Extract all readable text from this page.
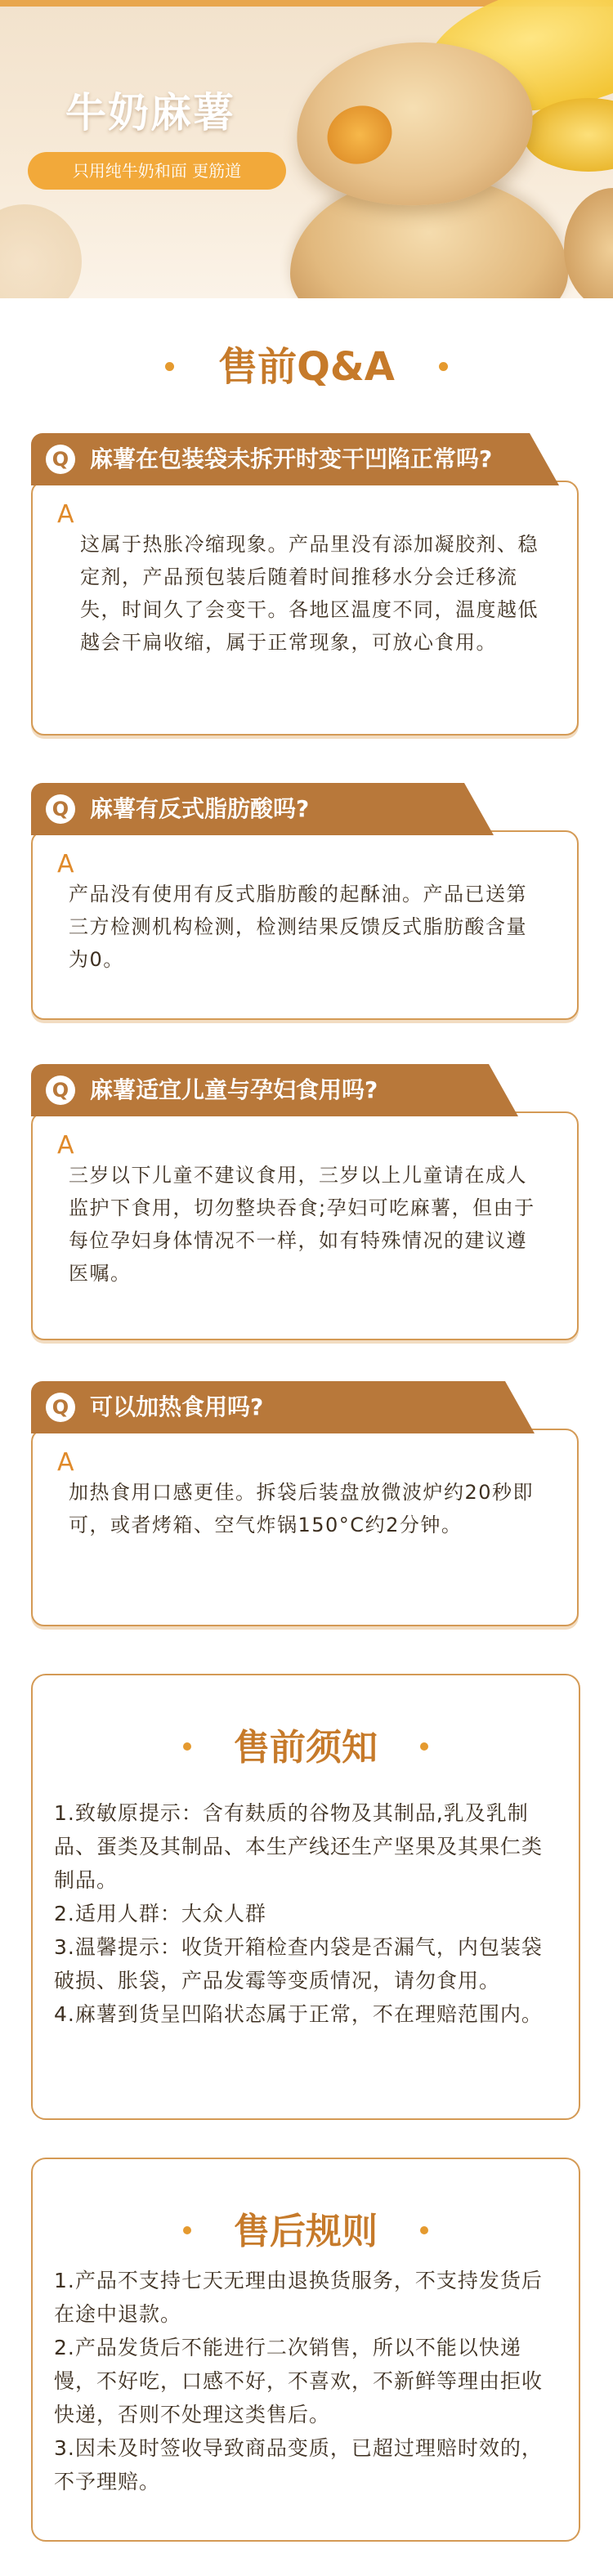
牛奶麻薯
只用纯牛奶和面 更筋道
售前Q&A
A
这属于热胀冷缩现象。产品里没有添加凝胶剂、稳定剂，产品预包装后随着时间推移水分会迁移流失，时间久了会变干。各地区温度不同，温度越低越会干扁收缩，属于正常现象，可放心食用。
Q 麻薯在包装袋未拆开时变干凹陷正常吗?
A
产品没有使用有反式脂肪酸的起酥油。产品已送第三方检测机构检测，检测结果反馈反式脂肪酸含量为0。
Q 麻薯有反式脂肪酸吗?
A
三岁以下儿童不建议食用，三岁以上儿童请在成人监护下食用，切勿整块吞食;孕妇可吃麻薯，但由于每位孕妇身体情况不一样，如有特殊情况的建议遵医嘱。
Q 麻薯适宜儿童与孕妇食用吗?
A
加热食用口感更佳。拆袋后装盘放微波炉约20秒即可，或者烤箱、空气炸锅150°C约2分钟。
Q 可以加热食用吗?
售前须知
1.致敏原提示：含有麸质的谷物及其制品,乳及乳制品、蛋类及其制品、本生产线还生产坚果及其果仁类制品。
2.适用人群：大众人群
3.温馨提示：收货开箱检查内袋是否漏气，内包装袋破损、胀袋，产品发霉等变质情况，请勿食用。
4.麻薯到货呈凹陷状态属于正常，不在理赔范围内。
售后规则
1.产品不支持七天无理由退换货服务，不支持发货后在途中退款。
2.产品发货后不能进行二次销售，所以不能以快递慢，不好吃，口感不好，不喜欢，不新鲜等理由拒收快递，否则不处理这类售后。
3.因未及时签收导致商品变质，已超过理赔时效的，不予理赔。
